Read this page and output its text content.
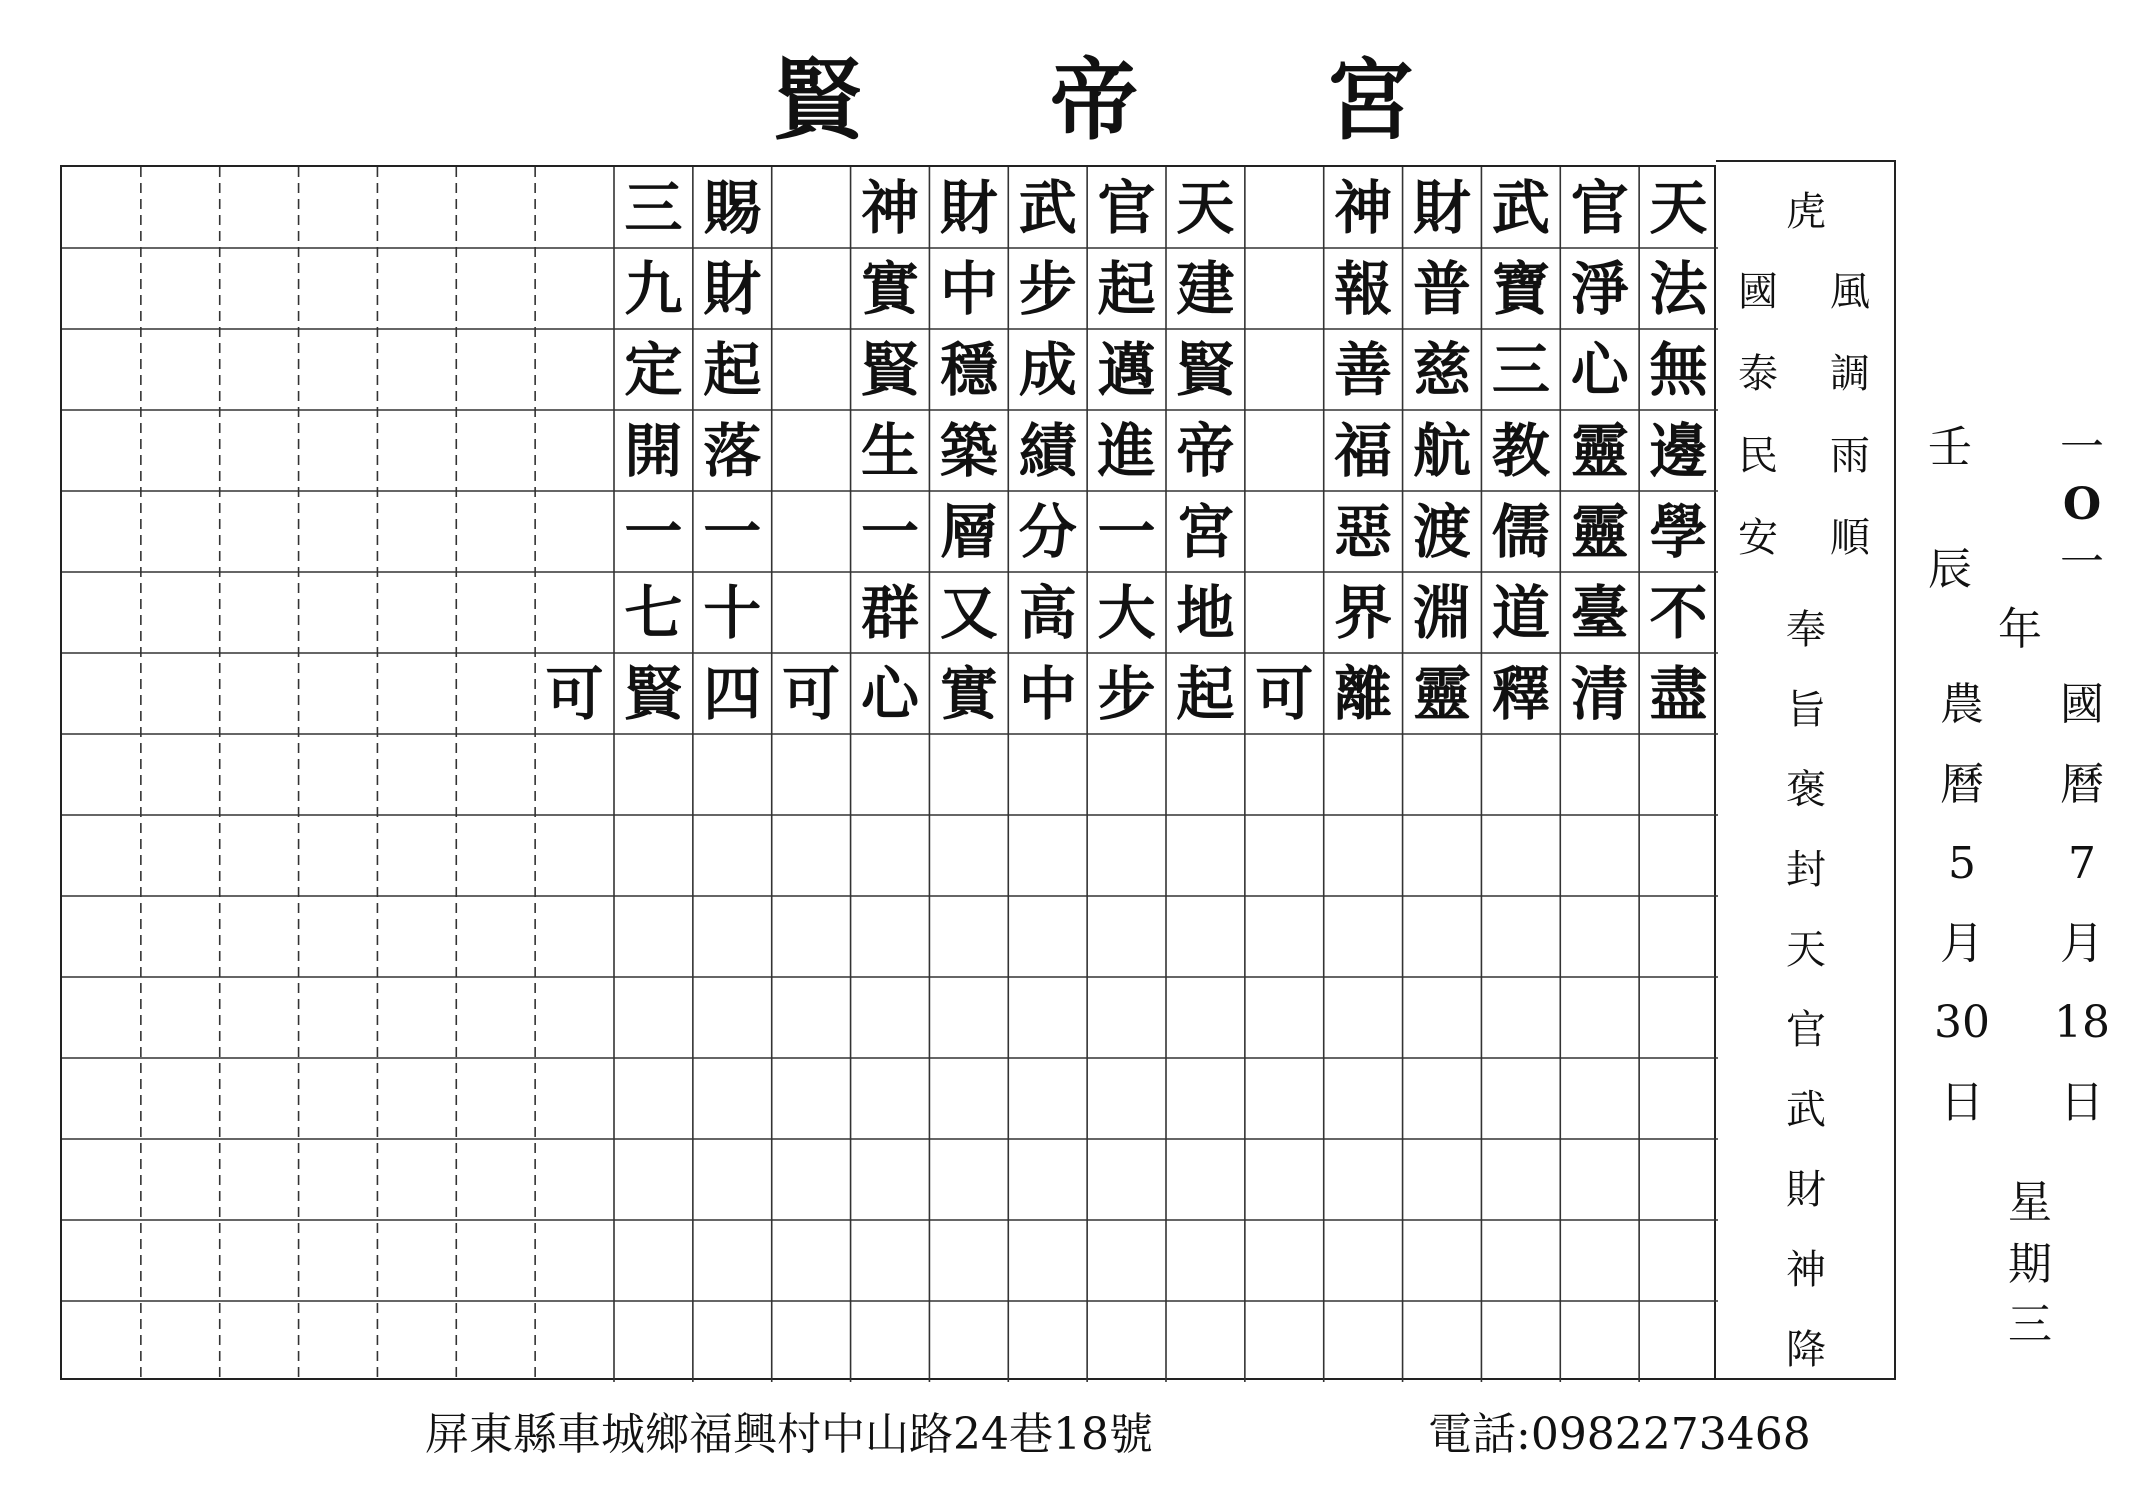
賢 帝 宮
三 賜 神 財 武 官 天 神 財 武 官 天
九 財 實 中 步 起 建 報 普 寶 淨 法
定 起 賢 穩 成 邁 賢 善 慈 三 心 無
開 落 生 築 績 進 帝 福 航 教 靈 邊
一 一 一 層 分 一 宮 惡 渡 儒 靈 學
七 十 群 又 高 大 地 界 淵 道 臺 不
可 賢 四 可 心 實 中 步 起 可 離 靈 釋 清 盡
虎
風
調
雨
順
國
泰
民
安
奉
旨
褒
封
天
官
武
財
神
降
一
O
一
年
壬
辰
農
曆
5
月
30
日
國
曆
7
月
18
日
星
期
三
屏東縣車城鄉福興村中山路24巷18號	電話:0982273468
